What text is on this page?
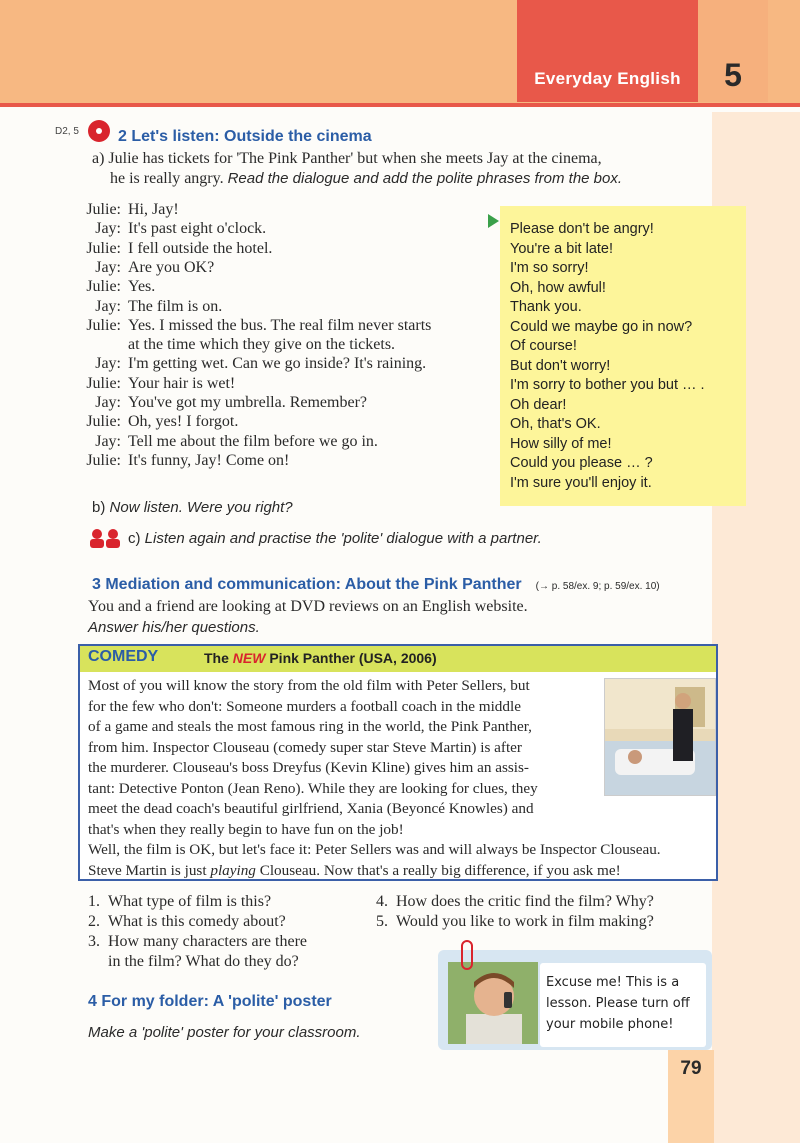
Everyday English	5
79
D2, 5 2 Let's listen: Outside the cinema
a) Julie has tickets for 'The Pink Panther' but when she meets Jay at the cinema,
he is really angry. Read the dialogue and add the polite phrases from the box.
Julie: Hi, Jay!
Jay: It's past eight o'clock.
Julie: I fell outside the hotel.
Jay: Are you OK?
Julie: Yes.
Jay: The film is on.
Julie: Yes. I missed the bus. The real film never starts
at the time which they give on the tickets.
Jay: I'm getting wet. Can we go inside? It's raining.
Julie: Your hair is wet!
Jay: You've got my umbrella. Remember?
Julie: Oh, yes! I forgot.
Jay: Tell me about the film before we go in.
Julie: It's funny, Jay! Come on!
Please don't be angry!
You're a bit late!
I'm so sorry!
Oh, how awful!
Thank you.
Could we maybe go in now?
Of course!
But don't worry!
I'm sorry to bother you but … .
Oh dear!
Oh, that's OK.
How silly of me!
Could you please … ?
I'm sure you'll enjoy it.
b) Now listen. Were you right?
c) Listen again and practise the 'polite' dialogue with a partner.
3 Mediation and communication: About the Pink Panther (→ p. 58/ex. 9; p. 59/ex. 10)
You and a friend are looking at DVD reviews on an English website.
Answer his/her questions.
COMEDY	The NEW Pink Panther (USA, 2006)
Most of you will know the story from the old film with Peter Sellers, but
for the few who don't: Someone murders a football coach in the middle
of a game and steals the most famous ring in the world, the Pink Panther,
from him. Inspector Clouseau (comedy super star Steve Martin) is after
the murderer. Clouseau's boss Dreyfus (Kevin Kline) gives him an assis-
tant: Detective Ponton (Jean Reno). While they are looking for clues, they
meet the dead coach's beautiful girlfriend, Xania (Beyoncé Knowles) and
that's when they really begin to have fun on the job!
Well, the film is OK, but let's face it: Peter Sellers was and will always be Inspector Clouseau.
Steve Martin is just playing Clouseau. Now that's a really big difference, if you ask me!
1. What type of film is this?
2. What is this comedy about?
3. How many characters are there
in the film? What do they do?
4. How does the critic find the film? Why?
5. Would you like to work in film making?
4 For my folder: A 'polite' poster
Make a 'polite' poster for your classroom.
Excuse me! This is a
lesson. Please turn off
your mobile phone!
